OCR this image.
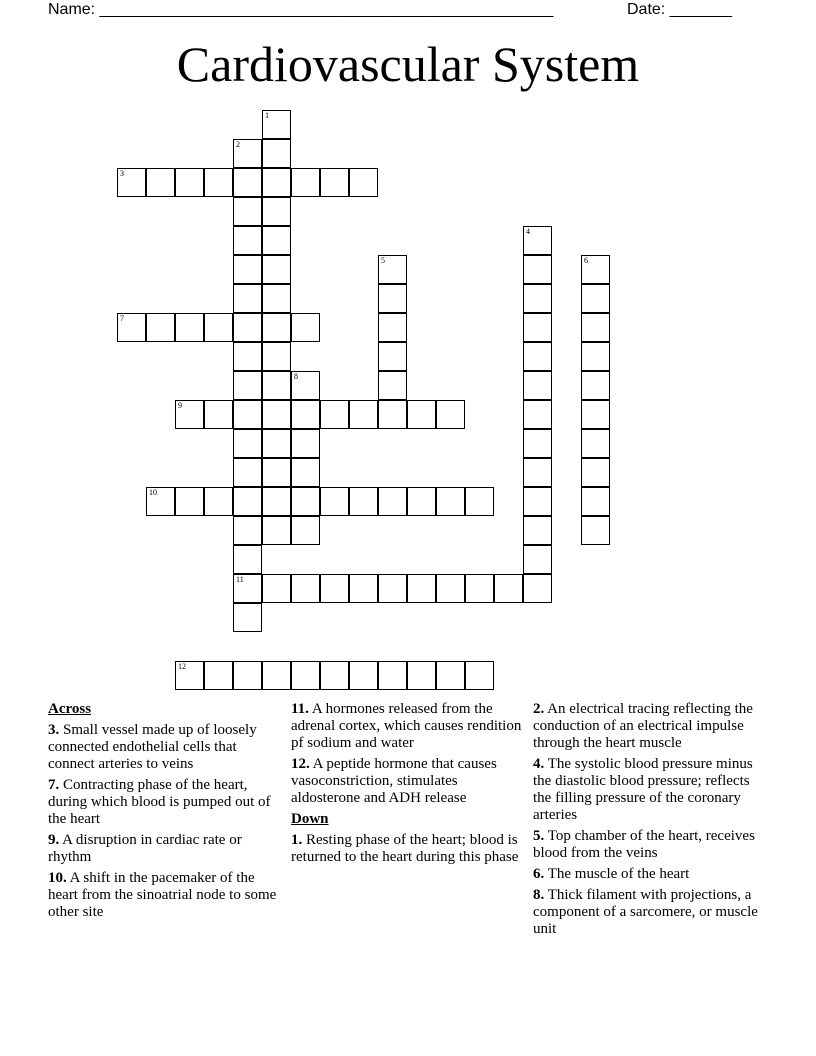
Name: ___________________________________________________	Date: _______
Cardiovascular System
1
2
11
3
4
5	6
7
8
9
10
12
Across
3. Small vessel made up of loosely connected endothelial cells that connect arteries to veins
7. Contracting phase of the heart, during which blood is pumped out of the heart
9. A disruption in cardiac rate or rhythm
10. A shift in the pacemaker of the heart from the sinoatrial node to some other site
11. A hormones released from the adrenal cortex, which causes rendition pf sodium and water
12. A peptide hormone that causes vasoconstriction, stimulates aldosterone and ADH release
Down
1. Resting phase of the heart; blood is returned to the heart during this phase
2. An electrical tracing reflecting the conduction of an electrical impulse through the heart muscle
4. The systolic blood pressure minus the diastolic blood pressure; reflects the filling pressure of the coronary arteries
5. Top chamber of the heart, receives blood from the veins
6. The muscle of the heart
8. Thick filament with projections, a component of a sarcomere, or muscle unit
